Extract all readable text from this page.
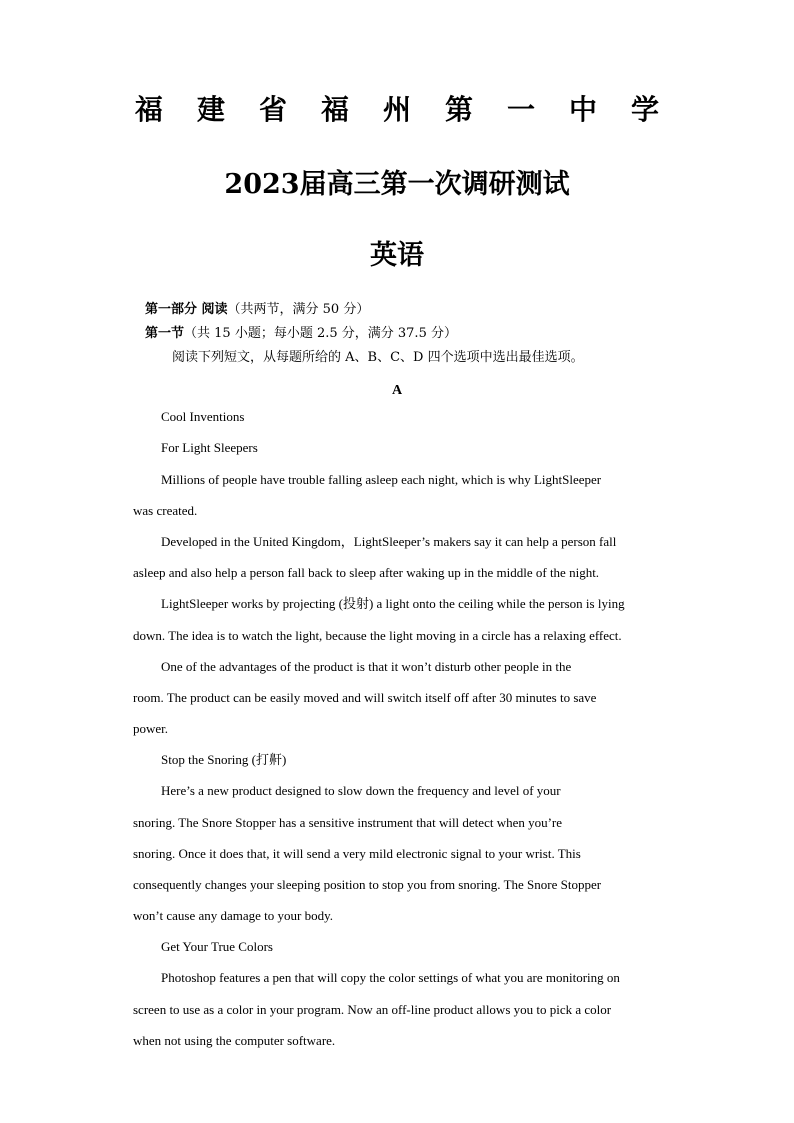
福 建 省 福 州 第 一 中 学
2023届高三第一次调研测试
英语
第一部分 阅读（共两节，满分 50 分）
第一节（共 15 小题；每小题 2.5 分，满分 37.5 分）
阅读下列短文，从每题所给的 A、B、C、D 四个选项中选出最佳选项。
A
Cool Inventions
For Light Sleepers
Millions of people have trouble falling asleep each night, which is why LightSleeper
was created.
Developed in the United Kingdom，LightSleeper’s makers say it can help a person fall
asleep and also help a person fall back to sleep after waking up in the middle of the night.
LightSleeper works by projecting (投射) a light onto the ceiling while the person is lying
down. The idea is to watch the light, because the light moving in a circle has a relaxing effect.
One of the advantages of the product is that it won’t disturb other people in the
room. The product can be easily moved and will switch itself off after 30 minutes to save
power.
Stop the Snoring (打鼾)
Here’s a new product designed to slow down the frequency and level of your
snoring. The Snore Stopper has a sensitive instrument that will detect when you’re
snoring. Once it does that, it will send a very mild electronic signal to your wrist. This
consequently changes your sleeping position to stop you from snoring. The Snore Stopper
won’t cause any damage to your body.
Get Your True Colors
Photoshop features a pen that will copy the color settings of what you are monitoring on
screen to use as a color in your program. Now an off-line product allows you to pick a color
when not using the computer software.
